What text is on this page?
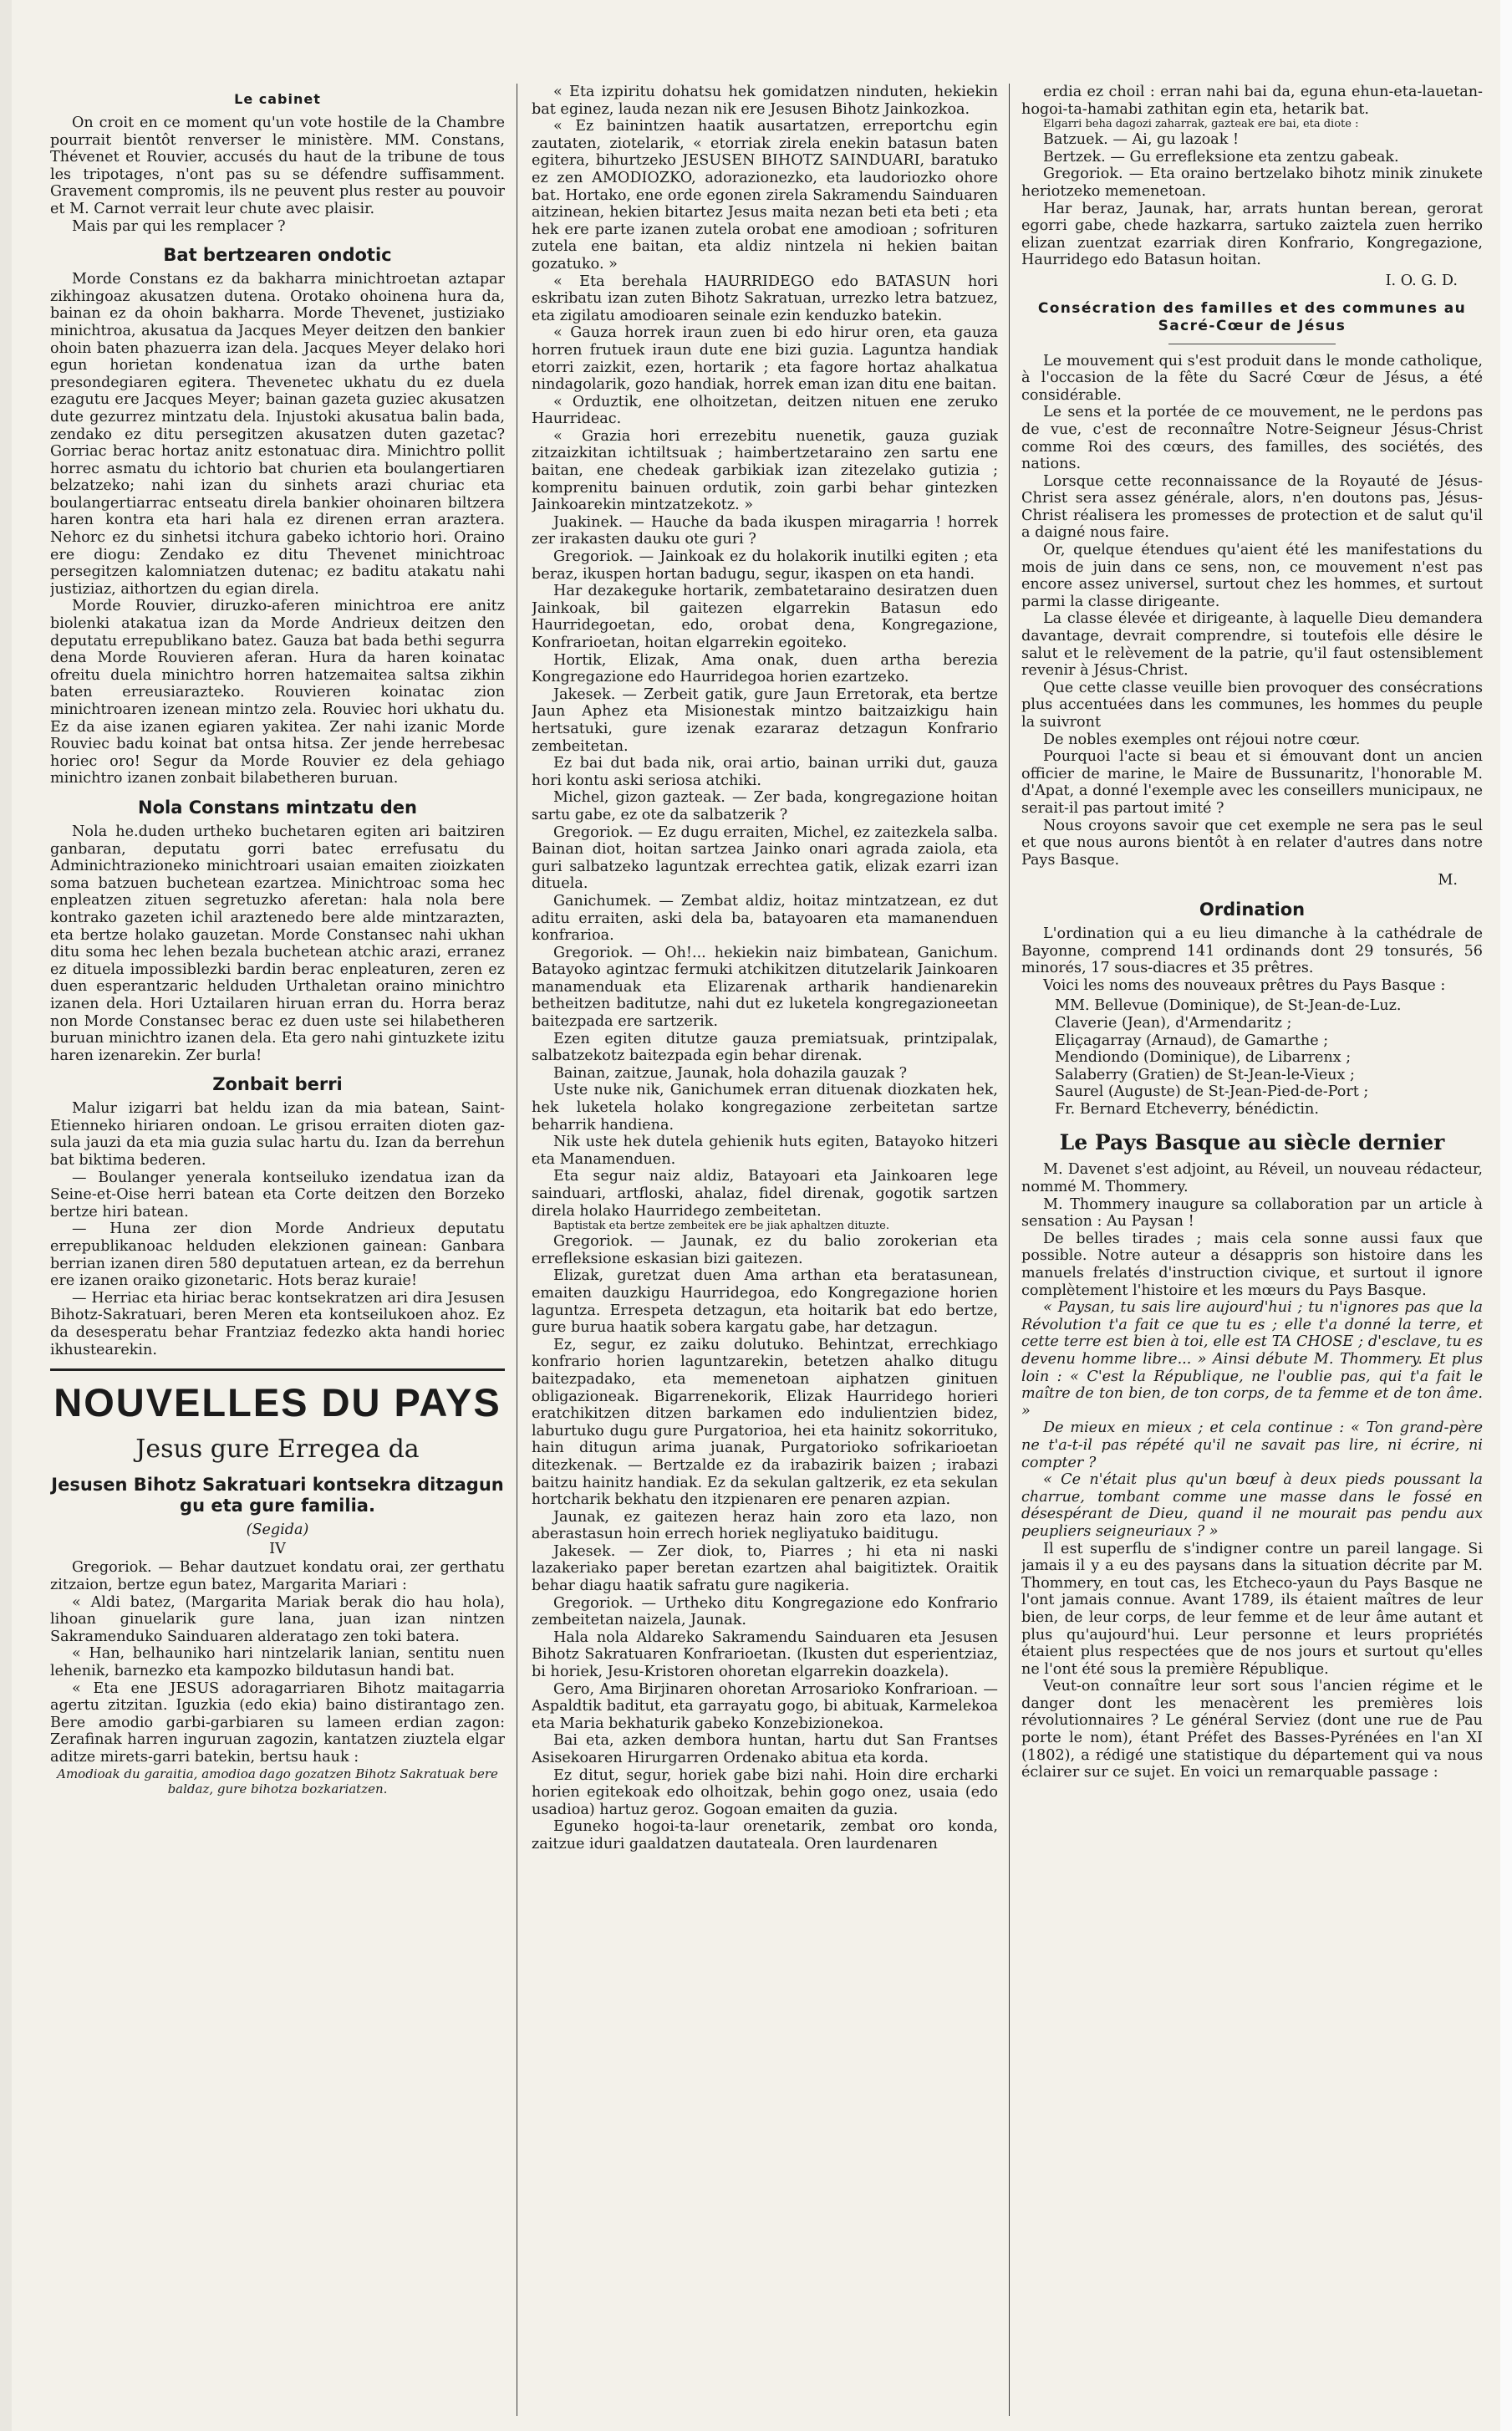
Le cabinet

On croit en ce moment qu'un vote hostile de la Chambre pourrait bientôt renverser le ministère. MM. Constans, Thévenet et Rouvier, accusés du haut de la tribune de tous les tripotages, n'ont pas su se défendre suffisamment. Gravement compromis, ils ne peuvent plus rester au pouvoir et M. Carnot verrait leur chute avec plaisir.

Mais par qui les remplacer ?

Bat bertzearen ondotic

Morde Constans ez da bakharra minichtroetan aztapar zikhingoaz akusatzen dutena. Orotako ohoinena hura da, bainan ez da ohoin bakharra. Morde Thevenet, justiziako minichtroa, akusatua da Jacques Meyer deitzen den bankier ohoin baten phazuerra izan dela. Jacques Meyer delako hori egun horietan kondenatua izan da urthe baten presondegiaren egitera. Thevenetec ukhatu du ez duela ezagutu ere Jacques Meyer; bainan gazeta guziec akusatzen dute gezurrez mintzatu dela. Injustoki akusatua balin bada, zendako ez ditu persegitzen akusatzen duten gazetac? Gorriac berac hortaz anitz estonatuac dira. Minichtro pollit horrec asmatu du ichtorio bat churien eta boulangertiaren belzatzeko; nahi izan du sinhets arazi churiac eta boulangertiarrac entseatu direla bankier ohoinaren biltzera haren kontra eta hari hala ez direnen erran araztera. Nehorc ez du sinhetsi itchura gabeko ichtorio hori. Oraino ere diogu: Zendako ez ditu Thevenet minichtroac persegitzen kalomniatzen dutenac; ez baditu atakatu nahi justiziaz, aithortzen du egian direla.

Morde Rouvier, diruzko-aferen minichtroa ere anitz biolenki atakatua izan da Morde Andrieux deitzen den deputatu errepublikano batez. Gauza bat bada bethi segurra dena Morde Rouvieren aferan. Hura da haren koinatac ofreitu duela minichtro horren hatzemaitea saltsa zikhin baten erreusiarazteko. Rouvieren koinatac zion minichtroaren izenean mintzo zela. Rouviec hori ukhatu du. Ez da aise izanen egiaren yakitea. Zer nahi izanic Morde Rouviec badu koinat bat ontsa hitsa. Zer jende herrebesac horiec oro! Segur da Morde Rouvier ez dela gehiago minichtro izanen zonbait bilabetheren buruan.

Nola Constans mintzatu den

Nola he.duden urtheko buchetaren egiten ari baitziren ganbaran, deputatu gorri batec errefusatu du Adminichtrazioneko minichtroari usaian emaiten zioizkaten soma batzuen buchetean ezartzea. Minichtroac soma hec enpleatzen zituen segretuzko aferetan: hala nola bere kontrako gazeten ichil araztenedo bere alde mintzarazten, eta bertze holako gauzetan. Morde Constansec nahi ukhan ditu soma hec lehen bezala buchetean atchic arazi, erranez ez dituela impossiblezki bardin berac enpleaturen, zeren ez duen esperantzaric helduden Urthaletan oraino minichtro izanen dela. Hori Uztailaren hiruan erran du. Horra beraz non Morde Constansec berac ez duen uste sei hilabetheren buruan minichtro izanen dela. Eta gero nahi gintuzkete izitu haren izenarekin. Zer burla!

Zonbait berri

Malur izigarri bat heldu izan da mia batean, Saint-Etienneko hiriaren ondoan. Le grisou erraiten dioten gaz-sula jauzi da eta mia guzia sulac hartu du. Izan da berrehun bat biktima bederen.

— Boulanger yenerala kontseiluko izendatua izan da Seine-et-Oise herri batean eta Corte deitzen den Borzeko bertze hiri batean.

— Huna zer dion Morde Andrieux deputatu errepublikanoac helduden elekzionen gainean: Ganbara berrian izanen diren 580 deputatuen artean, ez da berrehun ere izanen oraiko gizonetaric. Hots beraz kuraie!

— Herriac eta hiriac berac kontsekratzen ari dira Jesusen Bihotz-Sakratuari, beren Meren eta kontseilukoen ahoz. Ez da desesperatu behar Frantziaz fedezko akta handi horiec ikhustearekin.

NOUVELLES DU PAYS
Jesus gure Erregea da
Jesusen Bihotz Sakratuari kontsekra ditzagun gu eta gure familia.
(Segida)
IV

Gregoriok. — Behar dautzuet kondatu orai, zer gerthatu zitzaion, bertze egun batez, Margarita Mariari :

« Aldi batez, (Margarita Mariak berak dio hau hola), lihoan ginuelarik gure lana, juan izan nintzen Sakramenduko Sainduaren alderatago zen toki batera.

« Han, belhauniko hari nintzelarik lanian, sentitu nuen lehenik, barnezko eta kampozko bildutasun handi bat.

« Eta ene JESUS adoragarriaren Bihotz maitagarria agertu zitzitan. Iguzkia (edo ekia) baino distirantago zen. Bere amodio garbi-garbiaren su lameen erdian zagon: Zerafinak harren inguruan zagozin, kantatzen ziuztela elgar aditze mirets-garri batekin, bertsu hauk :

Amodioak du garaitia, amodioa dago gozatzen Bihotz Sakratuak bere baldaz, gure bihotza bozkariatzen.

« Eta izpiritu dohatsu hek gomidatzen ninduten, hekiekin bat eginez, lauda nezan nik ere Jesusen Bihotz Jainkozkoa.

« Ez bainintzen haatik ausartatzen, erreportchu egin zautaten, ziotelarik, « etorriak zirela enekin batasun baten egitera, bihurtzeko JESUSEN BIHOTZ SAINDUARI, baratuko ez zen AMODIOZKO, adorazionezko, eta laudoriozko ohore bat. Hortako, ene orde egonen zirela Sakramendu Sainduaren aitzinean, hekien bitartez Jesus maita nezan beti eta beti ; eta hek ere parte izanen zutela orobat ene amodioan ; sofrituren zutela ene baitan, eta aldiz nintzela ni hekien baitan gozatuko. »

« Eta berehala HAURRIDEGO edo BATASUN hori eskribatu izan zuten Bihotz Sakratuan, urrezko letra batzuez, eta zigilatu amodioaren seinale ezin kenduzko batekin.

« Gauza horrek iraun zuen bi edo hirur oren, eta gauza horren frutuek iraun dute ene bizi guzia. Laguntza handiak etorri zaizkit, ezen, hortarik ; eta fagore hortaz ahalkatua nindagolarik, gozo handiak, horrek eman izan ditu ene baitan.

« Orduztik, ene olhoitzetan, deitzen nituen ene zeruko Haurrideac.

« Grazia hori errezebitu nuenetik, gauza guziak zitzaizkitan ichtiltsuak ; haimbertzetaraino zen sartu ene baitan, ene chedeak garbikiak izan zitezelako gutizia ; komprenitu bainuen ordutik, zoin garbi behar gintezken Jainkoarekin mintzatzekotz. »

Juakinek. — Hauche da bada ikuspen miragarria ! horrek zer irakasten dauku ote guri ?

Gregoriok. — Jainkoak ez du holakorik inutilki egiten ; eta beraz, ikuspen hortan badugu, segur, ikaspen on eta handi.

Har dezakeguke hortarik, zembatetaraino desiratzen duen Jainkoak, bil gaitezen elgarrekin Batasun edo Haurridegoetan, edo, orobat dena, Kongregazione, Konfrarioetan, hoitan elgarrekin egoiteko.

Hortik, Elizak, Ama onak, duen artha berezia Kongregazione edo Haurridegoa horien ezartzeko.

Jakesek. — Zerbeit gatik, gure Jaun Erretorak, eta bertze Jaun Aphez eta Misionestak mintzo baitzaizkigu hain hertsatuki, gure izenak ezararaz detzagun Konfrario zembeitetan.

Ez bai dut bada nik, orai artio, bainan urriki dut, gauza hori kontu aski seriosa atchiki.

Michel, gizon gazteak. — Zer bada, kongregazione hoitan sartu gabe, ez ote da salbatzerik ?

Gregoriok. — Ez dugu erraiten, Michel, ez zaitezkela salba. Bainan diot, hoitan sartzea Jainko onari agrada zaiola, eta guri salbatzeko laguntzak errechtea gatik, elizak ezarri izan dituela.

Ganichumek. — Zembat aldiz, hoitaz mintzatzean, ez dut aditu erraiten, aski dela ba, batayoaren eta mamanenduen konfrarioa.

Gregoriok. — Oh!... hekiekin naiz bimbatean, Ganichum. Batayoko agintzac fermuki atchikitzen ditutzelarik Jainkoaren manamenduak eta Elizarenak artharik handienarekin betheitzen baditutze, nahi dut ez luketela kongregazioneetan baitezpada ere sartzerik.

Ezen egiten ditutze gauza premiatsuak, printzipalak, salbatzekotz baitezpada egin behar direnak.

Bainan, zaitzue, Jaunak, hola dohazila gauzak ?

Uste nuke nik, Ganichumek erran dituenak diozkaten hek, hek luketela holako kongregazione zerbeitetan sartze beharrik handiena.

Nik uste hek dutela gehienik huts egiten, Batayoko hitzeri eta Manamenduen.

Eta segur naiz aldiz, Batayoari eta Jainkoaren lege sainduari, artfloski, ahalaz, fidel direnak, gogotik sartzen direla holako Haurridego zembeitetan.

Baptistak eta bertze zembeitek ere be jiak aphaltzen dituzte.

Gregoriok. — Jaunak, ez du balio zorokerian eta errefleksione eskasian bizi gaitezen.

Elizak, guretzat duen Ama arthan eta beratasunean, emaiten dauzkigu Haurridegoa, edo Kongregazione horien laguntza. Errespeta detzagun, eta hoitarik bat edo bertze, gure burua haatik sobera kargatu gabe, har detzagun.

Ez, segur, ez zaiku dolutuko. Behintzat, errechkiago konfrario horien laguntzarekin, betetzen ahalko ditugu baitezpadako, eta memenetoan aiphatzen ginituen obligazioneak. Bigarrenekorik, Elizak Haurridego horieri eratchikitzen ditzen barkamen edo indulientzien bidez, laburtuko dugu gure Purgatorioa, hei eta hainitz sokorrituko, hain ditugun arima juanak, Purgatorioko sofrikarioetan ditezkenak. — Bertzalde ez da irabazirik baizen ; irabazi baitzu hainitz handiak. Ez da sekulan galtzerik, ez eta sekulan hortcharik bekhatu den itzpienaren ere penaren azpian.

Jaunak, ez gaitezen heraz hain zoro eta lazo, non aberastasun hoin errech horiek negliyatuko baiditugu.

Jakesek. — Zer diok, to, Piarres ; hi eta ni naski lazakeriako paper beretan ezartzen ahal baigitiztek. Oraitik behar diagu haatik safratu gure nagikeria.

Gregoriok. — Urtheko ditu Kongregazione edo Konfrario zembeitetan naizela, Jaunak.

Hala nola Aldareko Sakramendu Sainduaren eta Jesusen Bihotz Sakratuaren Konfrarioetan. (Ikusten dut esperientziaz, bi horiek, Jesu-Kristoren ohoretan elgarrekin doazkela).

Gero, Ama Birjinaren ohoretan Arrosarioko Konfrarioan. — Aspaldtik baditut, eta garrayatu gogo, bi abituak, Karmelekoa eta Maria bekhaturik gabeko Konzebizionekoa.

Bai eta, azken dembora huntan, hartu dut San Frantses Asisekoaren Hirurgarren Ordenako abitua eta korda.

Ez ditut, segur, horiek gabe bizi nahi. Hoin dire ercharki horien egitekoak edo olhoitzak, behin gogo onez, usaia (edo usadioa) hartuz geroz. Gogoan emaiten da guzia.

Eguneko hogoi-ta-laur orenetarik, zembat oro konda, zaitzue iduri gaaldatzen dautateala. Oren laurdenaren

erdia ez choil : erran nahi bai da, eguna ehun-eta-lauetan-hogoi-ta-hamabi zathitan egin eta, hetarik bat.

Elgarri beha dagozi zaharrak, gazteak ere bai, eta diote :

Batzuek. — Ai, gu lazoak !

Bertzek. — Gu errefleksione eta zentzu gabeak.

Gregoriok. — Eta oraino bertzelako bihotz minik zinukete heriotzeko memenetoan.

Har beraz, Jaunak, har, arrats huntan berean, gerorat egorri gabe, chede hazkarra, sartuko zaiztela zuen herriko elizan zuentzat ezarriak diren Konfrario, Kongregazione, Haurridego edo Batasun hoitan.

I. O. G. D.
Consécration des familles et des communes au Sacré-Cœur de Jésus

Le mouvement qui s'est produit dans le monde catholique, à l'occasion de la fête du Sacré Cœur de Jésus, a été considérable.

Le sens et la portée de ce mouvement, ne le perdons pas de vue, c'est de reconnaître Notre-Seigneur Jésus-Christ comme Roi des cœurs, des familles, des sociétés, des nations.

Lorsque cette reconnaissance de la Royauté de Jésus-Christ sera assez générale, alors, n'en doutons pas, Jésus-Christ réalisera les promesses de protection et de salut qu'il a daigné nous faire.

Or, quelque étendues qu'aient été les manifestations du mois de juin dans ce sens, non, ce mouvement n'est pas encore assez universel, surtout chez les hommes, et surtout parmi la classe dirigeante.

La classe élevée et dirigeante, à laquelle Dieu demandera davantage, devrait comprendre, si toutefois elle désire le salut et le relèvement de la patrie, qu'il faut ostensiblement revenir à Jésus-Christ.

Que cette classe veuille bien provoquer des consécrations plus accentuées dans les communes, les hommes du peuple la suivront

De nobles exemples ont réjoui notre cœur.

Pourquoi l'acte si beau et si émouvant dont un ancien officier de marine, le Maire de Bussunaritz, l'honorable M. d'Apat, a donné l'exemple avec les conseillers municipaux, ne serait-il pas partout imité ?

Nous croyons savoir que cet exemple ne sera pas le seul et que nous aurons bientôt à en relater d'autres dans notre Pays Basque.

M.
Ordination

L'ordination qui a eu lieu dimanche à la cathédrale de Bayonne, comprend 141 ordinands dont 29 tonsurés, 56 minorés, 17 sous-diacres et 35 prêtres.

Voici les noms des nouveaux prêtres du Pays Basque :

MM. Bellevue (Dominique), de St-Jean-de-Luz.
Claverie (Jean), d'Armendaritz ;
Eliçagarray (Arnaud), de Gamarthe ;
Mendiondo (Dominique), de Libarrenx ;
Salaberry (Gratien) de St-Jean-le-Vieux ;
Saurel (Auguste) de St-Jean-Pied-de-Port ;
Fr. Bernard Etcheverry, bénédictin.
Le Pays Basque au siècle dernier

M. Davenet s'est adjoint, au Réveil, un nouveau rédacteur, nommé M. Thommery.

M. Thommery inaugure sa collaboration par un article à sensation : Au Paysan !

De belles tirades ; mais cela sonne aussi faux que possible. Notre auteur a désappris son histoire dans les manuels frelatés d'instruction civique, et surtout il ignore complètement l'histoire et les mœurs du Pays Basque.

« Paysan, tu sais lire aujourd'hui ; tu n'ignores pas que la Révolution t'a fait ce que tu es ; elle t'a donné la terre, et cette terre est bien à toi, elle est TA CHOSE ; d'esclave, tu es devenu homme libre... » Ainsi débute M. Thommery. Et plus loin : « C'est la République, ne l'oublie pas, qui t'a fait le maître de ton bien, de ton corps, de ta femme et de ton âme. »

De mieux en mieux ; et cela continue : « Ton grand-père ne t'a-t-il pas répété qu'il ne savait pas lire, ni écrire, ni compter ?

« Ce n'était plus qu'un bœuf à deux pieds poussant la charrue, tombant comme une masse dans le fossé en désespérant de Dieu, quand il ne mourait pas pendu aux peupliers seigneuriaux ? »

Il est superflu de s'indigner contre un pareil langage. Si jamais il y a eu des paysans dans la situation décrite par M. Thommery, en tout cas, les Etcheco-yaun du Pays Basque ne l'ont jamais connue. Avant 1789, ils étaient maîtres de leur bien, de leur corps, de leur femme et de leur âme autant et plus qu'aujourd'hui. Leur personne et leurs propriétés étaient plus respectées que de nos jours et surtout qu'elles ne l'ont été sous la première République.

Veut-on connaître leur sort sous l'ancien régime et le danger dont les menacèrent les premières lois révolutionnaires ? Le général Serviez (dont une rue de Pau porte le nom), étant Préfet des Basses-Pyrénées en l'an XI (1802), a rédigé une statistique du département qui va nous éclairer sur ce sujet. En voici un remarquable passage :
